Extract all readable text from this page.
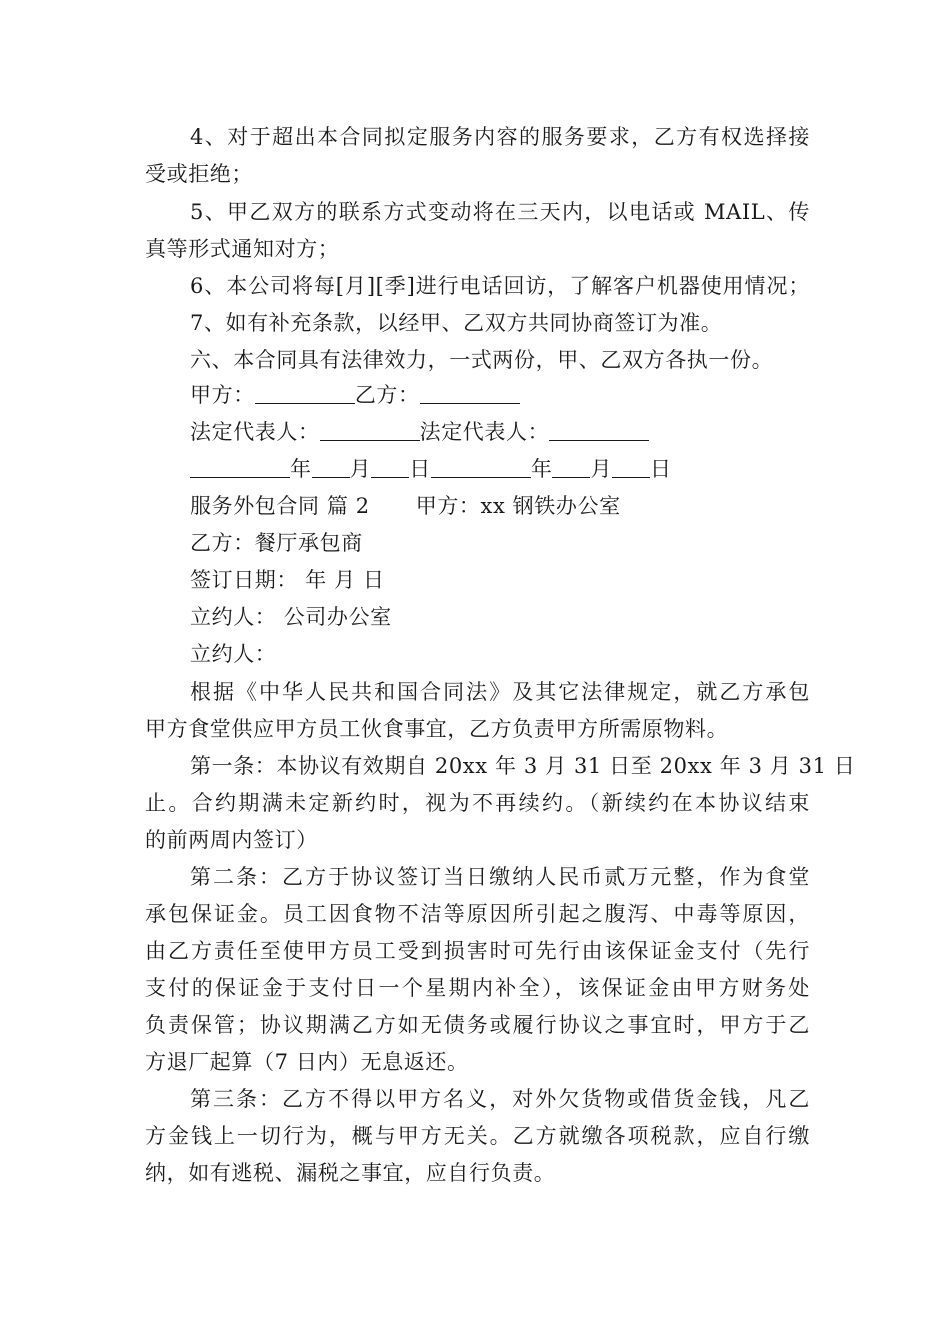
4、对于超出本合同拟定服务内容的服务要求，乙方有权选择接
受或拒绝；
5、甲乙双方的联系方式变动将在三天内，以电话或 MAIL、传
真等形式通知对方；
6、本公司将每[月][季]进行电话回访，了解客户机器使用情况；
7、如有补充条款，以经甲、乙双方共同协商签订为准。
六、本合同具有法律效力，一式两份，甲、乙双方各执一份。
甲方：	乙方：
法定代表人：	法定代表人：
年 月 日	年 月 日
服务外包合同 篇 2 甲方：xx 钢铁办公室
乙方：餐厅承包商
签订日期： 年 月 日
立约人： 公司办公室
立约人：
根据《中华人民共和国合同法》及其它法律规定，就乙方承包
甲方食堂供应甲方员工伙食事宜，乙方负责甲方所需原物料。
第一条：本协议有效期自 20xx 年 3 月 31 日至 20xx 年 3 月 31 日
止。合约期满未定新约时，视为不再续约。（新续约在本协议结束
的前两周内签订）
第二条：乙方于协议签订当日缴纳人民币贰万元整，作为食堂
承包保证金。员工因食物不洁等原因所引起之腹泻、中毒等原因，
由乙方责任至使甲方员工受到损害时可先行由该保证金支付（先行
支付的保证金于支付日一个星期内补全），该保证金由甲方财务处
负责保管；协议期满乙方如无债务或履行协议之事宜时，甲方于乙
方退厂起算（7 日内）无息返还。
第三条：乙方不得以甲方名义，对外欠货物或借货金钱，凡乙
方金钱上一切行为，概与甲方无关。乙方就缴各项税款，应自行缴
纳，如有逃税、漏税之事宜，应自行负责。
